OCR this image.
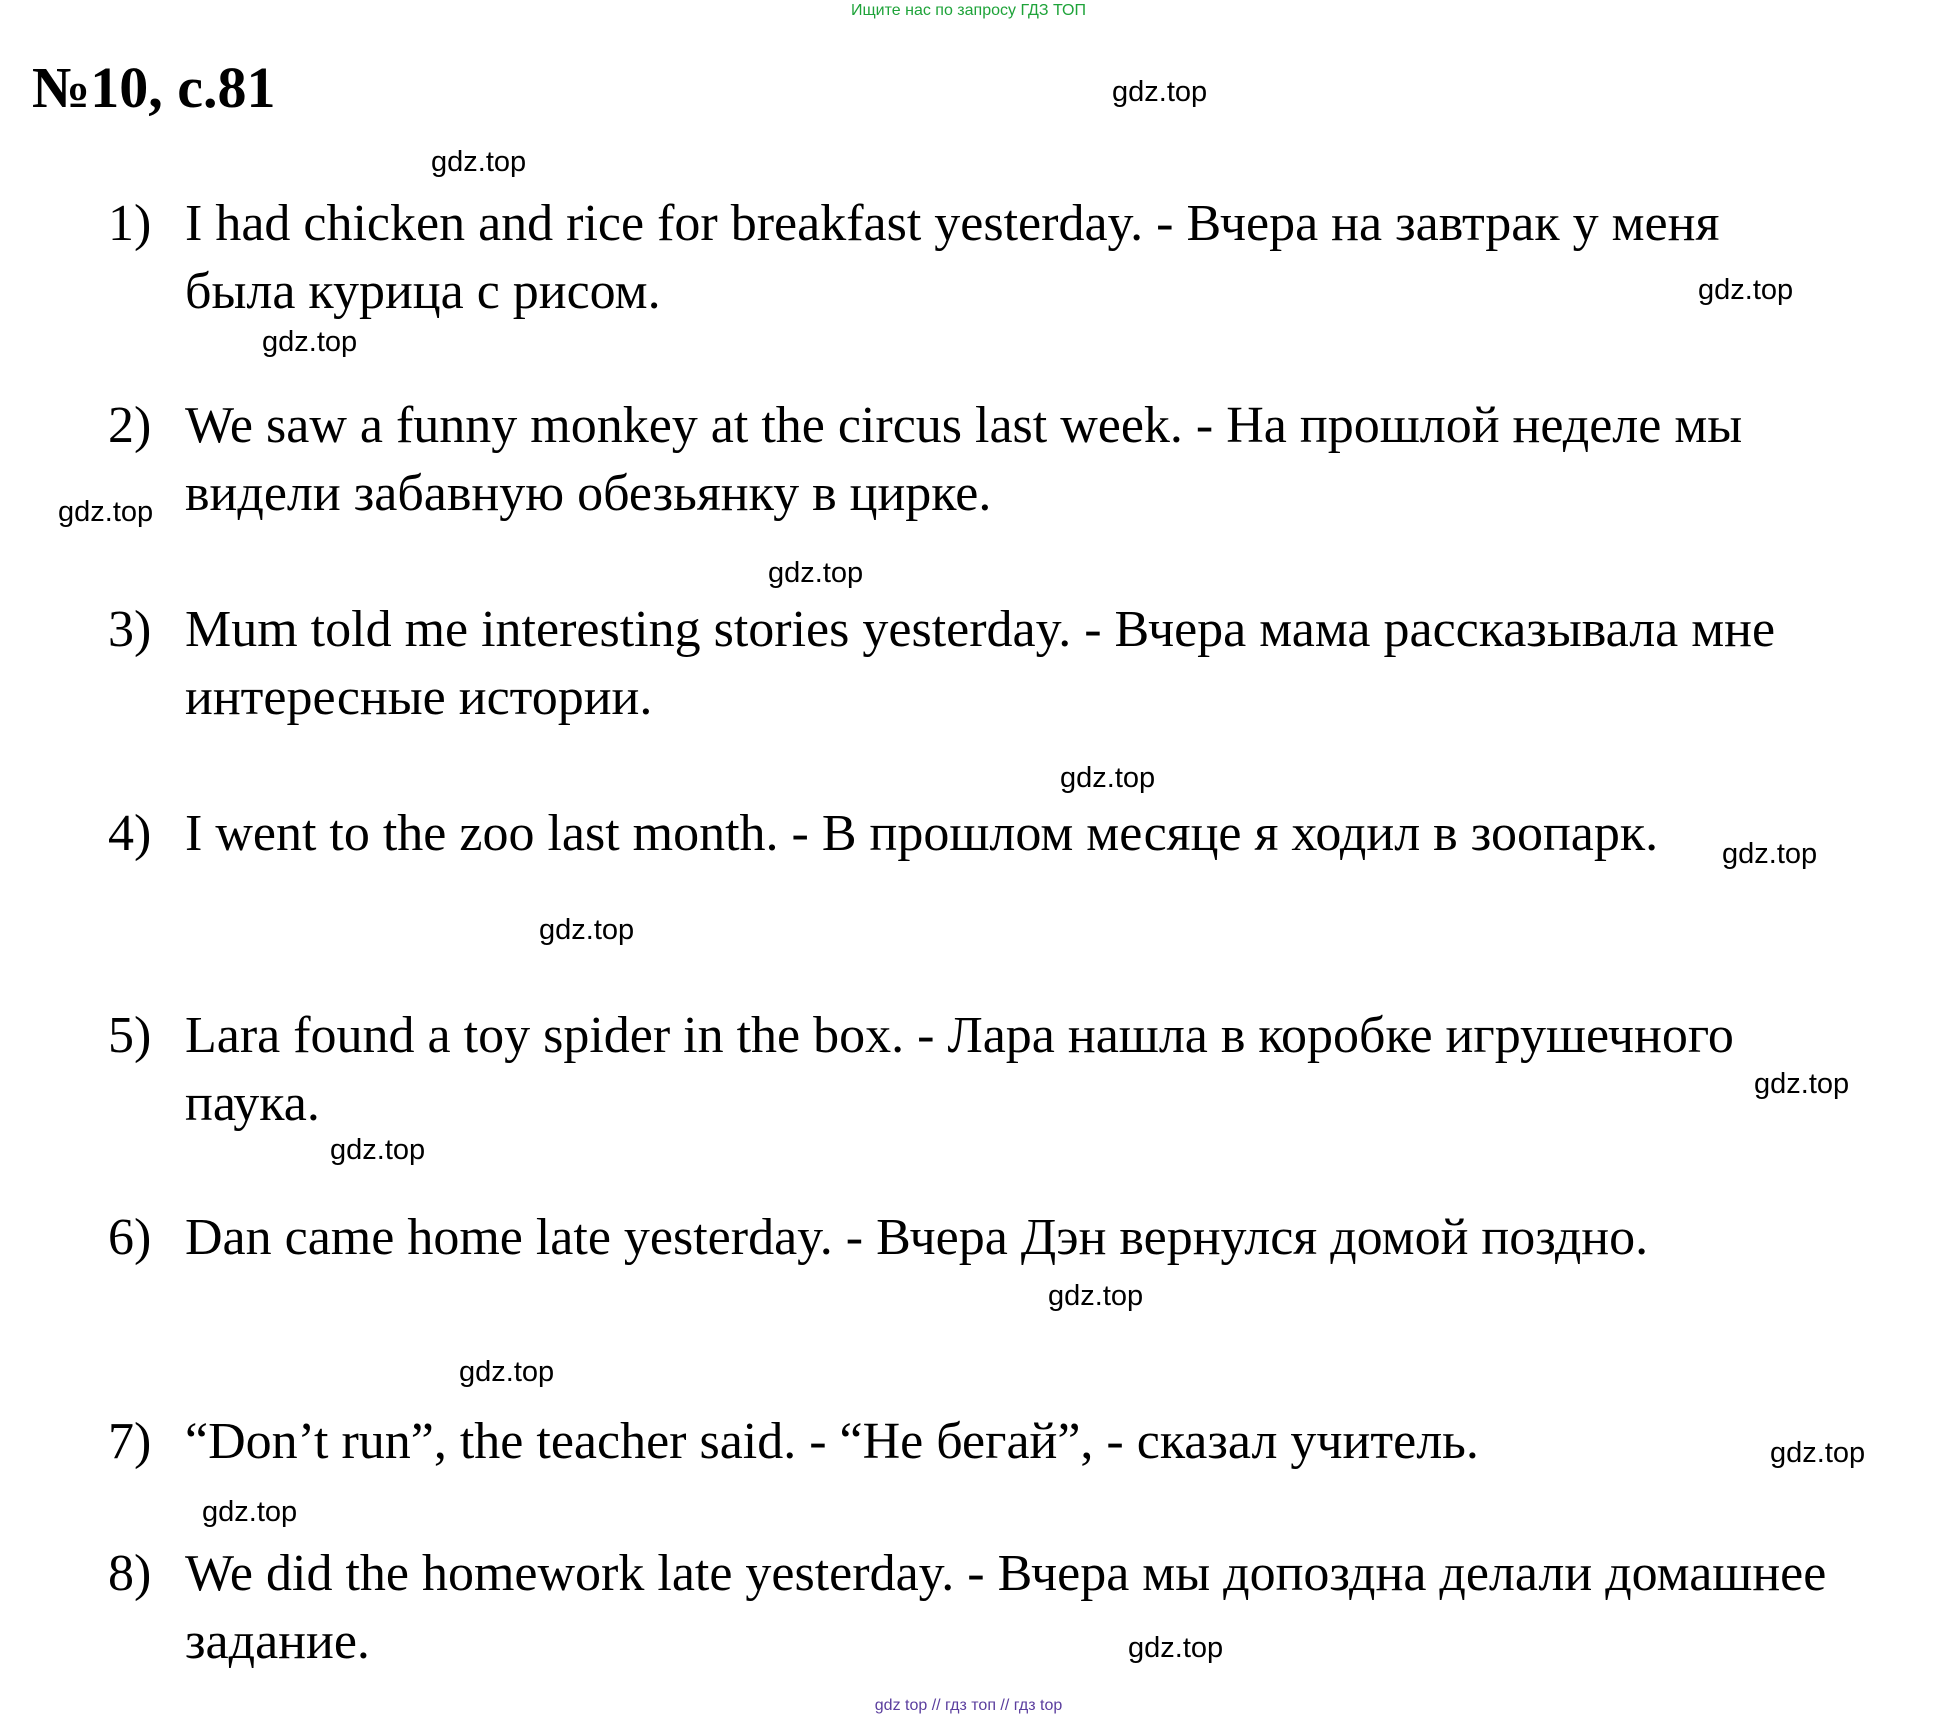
Ищите нас по запросу ГДЗ ТОП
№10, с.81
1) I had chicken and rice for breakfast yesterday. - Вчера на завтрак у меня была курица с рисом.
2) We saw a funny monkey at the circus last week. - На прошлой неделе мы видели забавную обезьянку в цирке.
3) Mum told me interesting stories yesterday. - Вчера мама рассказывала мне интересные истории.
4) I went to the zoo last month. - В прошлом месяце я ходил в зоопарк.
5) Lara found a toy spider in the box. - Лара нашла в коробке игрушечного паука.
6) Dan came home late yesterday. - Вчера Дэн вернулся домой поздно.
7) “Don’t run”, the teacher said. - “Не бегай”, - сказал учитель.
8) We did the homework late yesterday. - Вчера мы допоздна делали домашнее задание.
gdz.top
gdz.top
gdz.top
gdz.top
gdz.top
gdz.top
gdz.top
gdz.top
gdz.top
gdz.top
gdz.top
gdz.top
gdz.top
gdz.top
gdz.top
gdz.top
gdz top // гдз топ // гдз top
